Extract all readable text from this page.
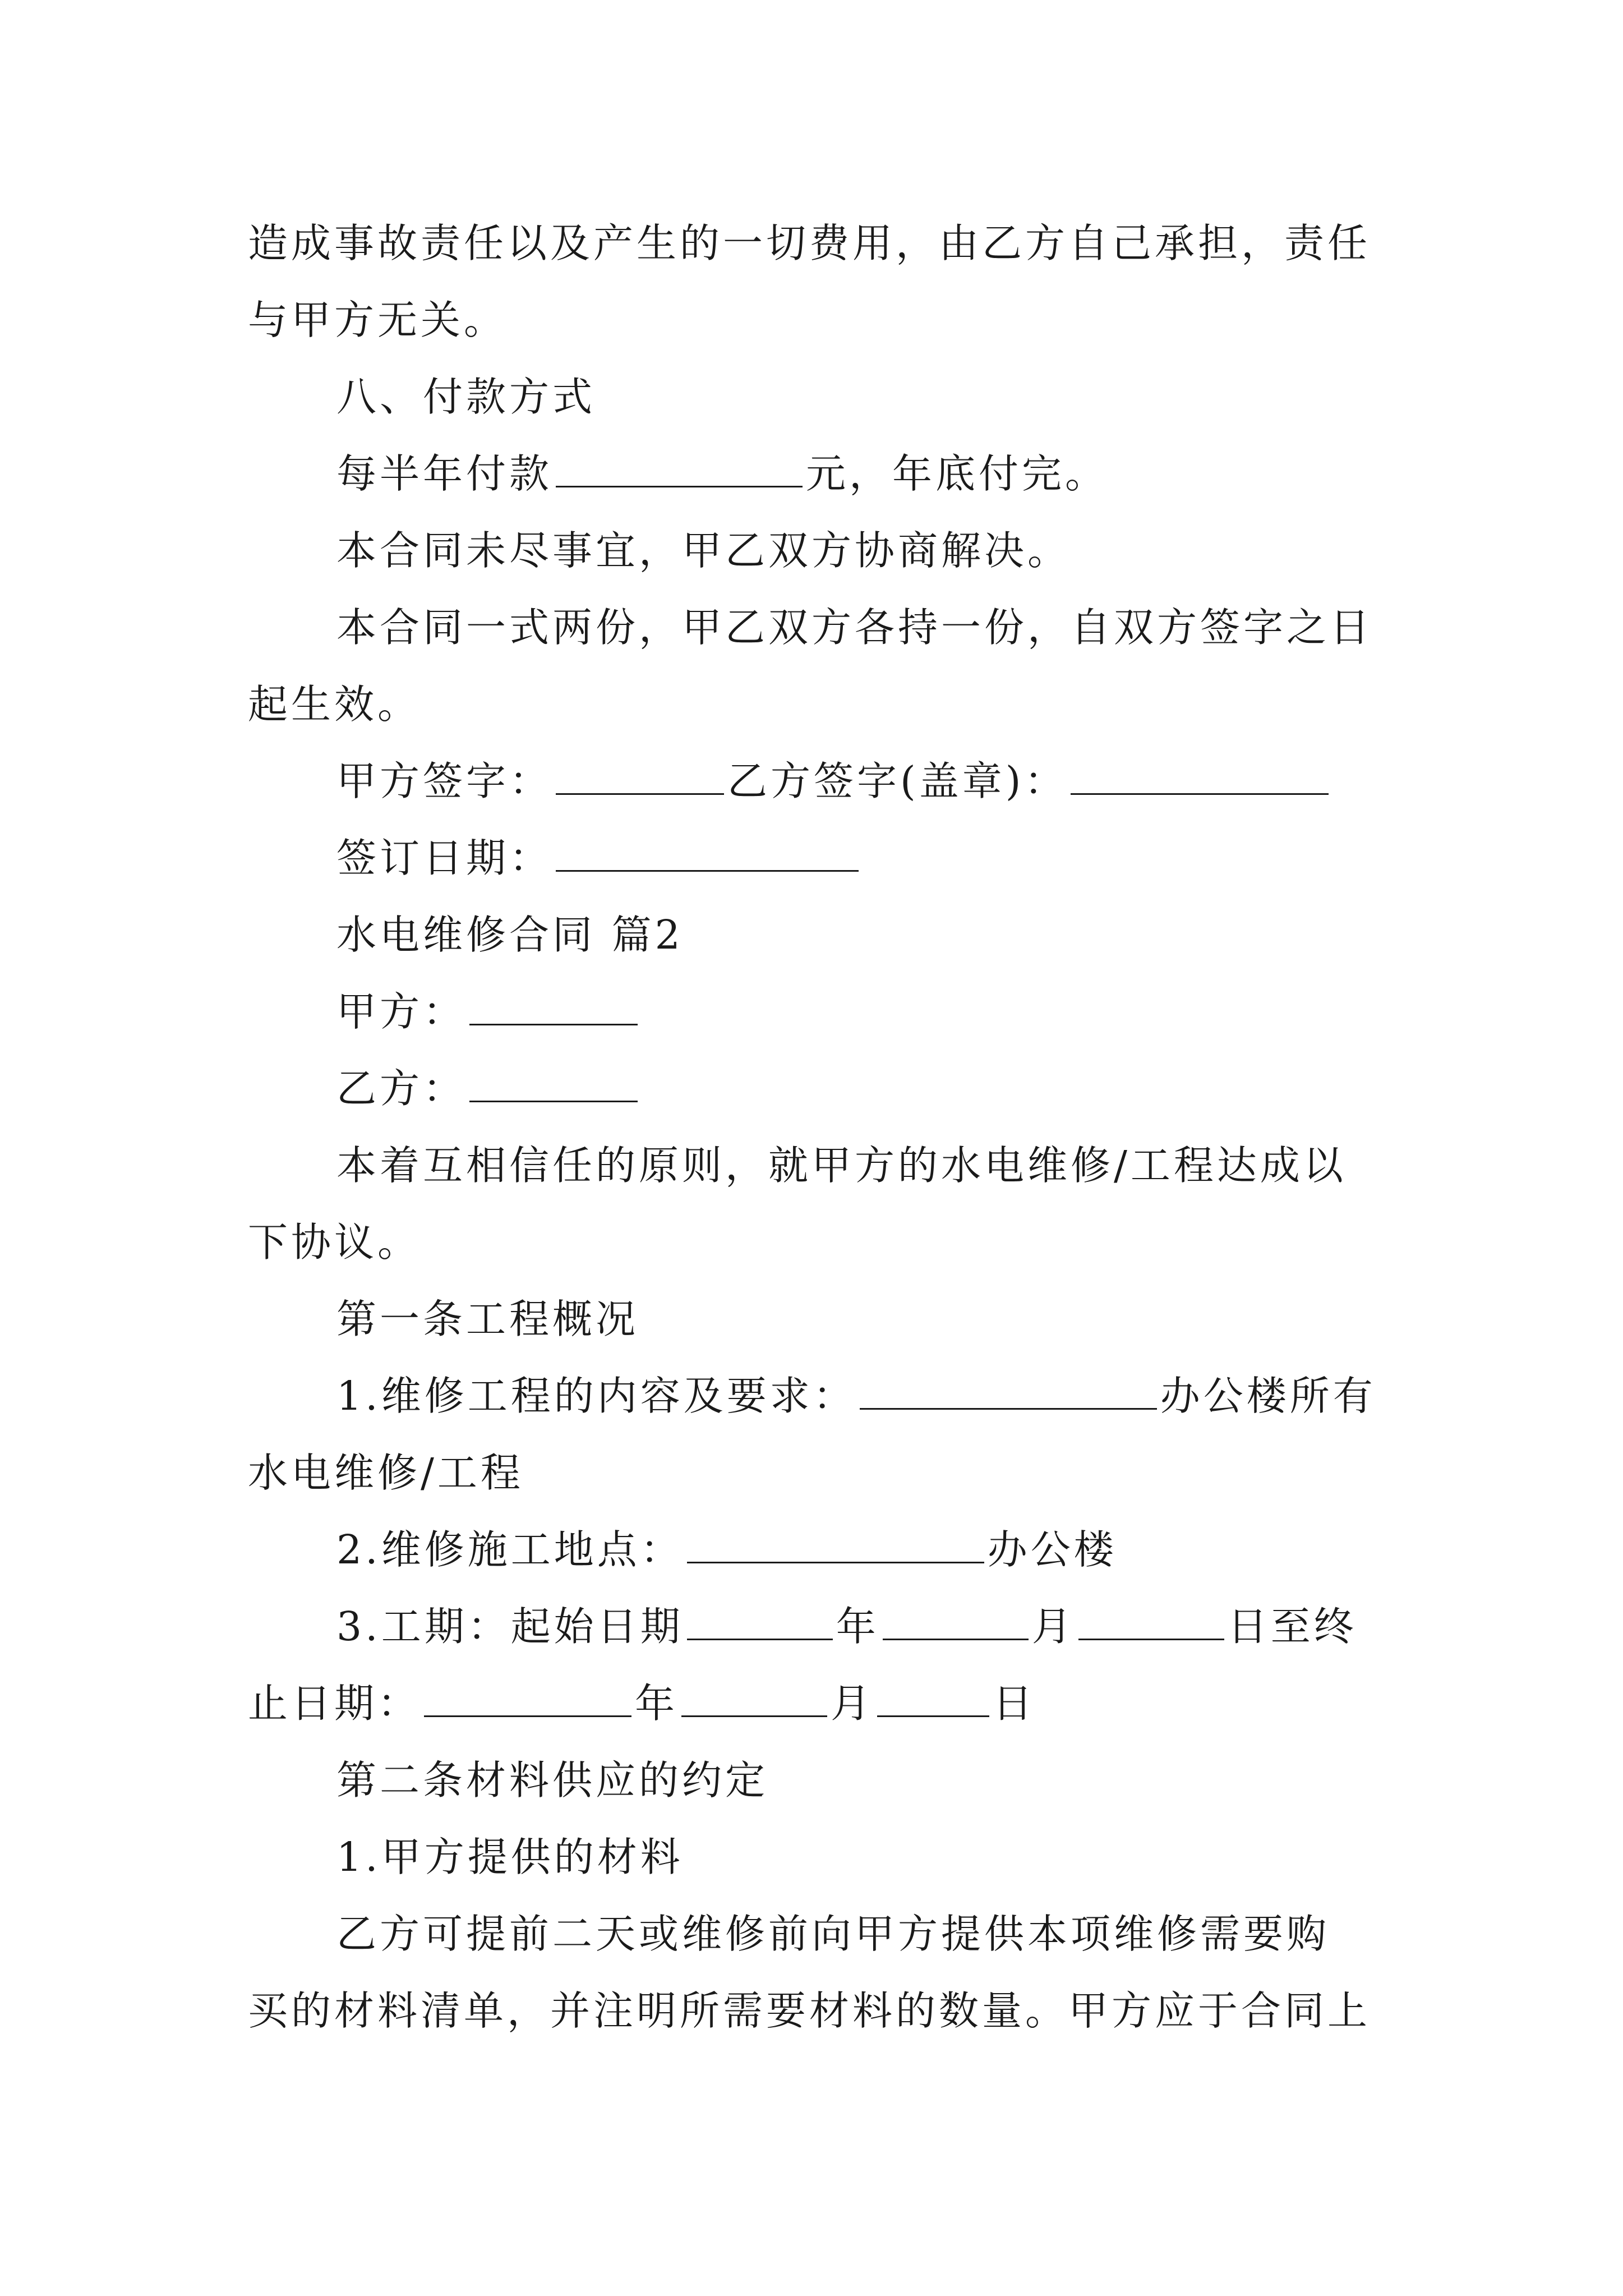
造成事故责任以及产生的一切费用，由乙方自己承担，责任
与甲方无关。
八、付款方式
每半年付款	元，年底付完。
本合同未尽事宜，甲乙双方协商解决。
本合同一式两份，甲乙双方各持一份，自双方签字之日
起生效。
甲方签字：	乙方签字(盖章)：
签订日期：
水电维修合同 篇2
甲方：
乙方：
本着互相信任的原则，就甲方的水电维修/工程达成以
下协议。
第一条工程概况
1.维修工程的内容及要求：	办公楼所有
水电维修/工程
2.维修施工地点：	办公楼
3.工期：起始日期	年	月	日至终
止日期：	年	月	日
第二条材料供应的约定
1.甲方提供的材料
乙方可提前二天或维修前向甲方提供本项维修需要购
买的材料清单，并注明所需要材料的数量。甲方应于合同上
